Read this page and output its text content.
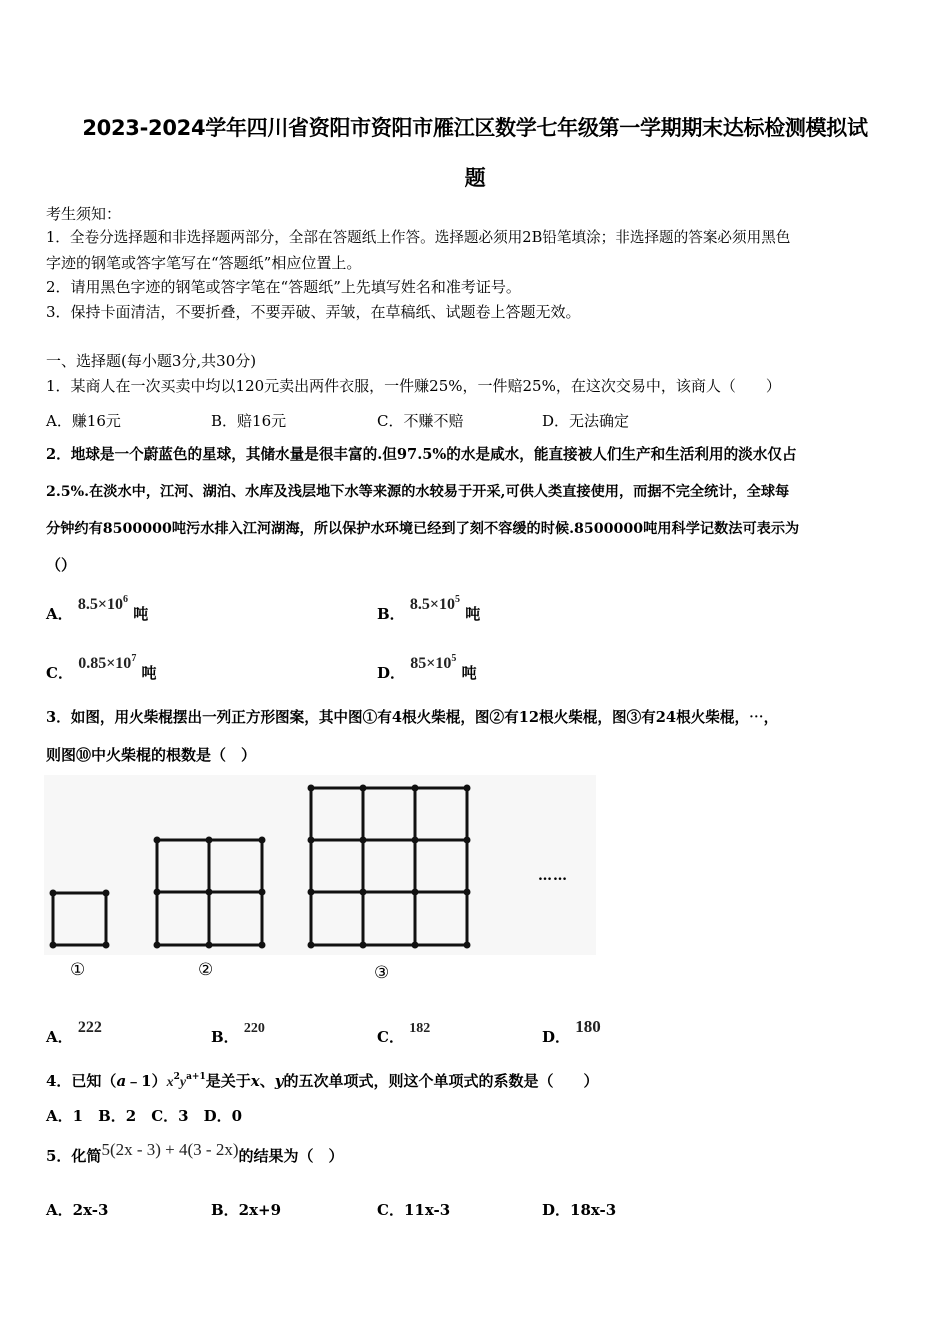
2023-2024学年四川省资阳市资阳市雁江区数学七年级第一学期期末达标检测模拟试
题
考生须知：
1．全卷分选择题和非选择题两部分，全部在答题纸上作答。选择题必须用2B铅笔填涂；非选择题的答案必须用黑色
字迹的钢笔或答字笔写在“答题纸”相应位置上。
2．请用黑色字迹的钢笔或答字笔在“答题纸”上先填写姓名和准考证号。
3．保持卡面清洁，不要折叠，不要弄破、弄皱，在草稿纸、试题卷上答题无效。
一、选择题(每小题3分,共30分)
1．某商人在一次买卖中均以120元卖出两件衣服，一件赚25%，一件赔25%，在这次交易中，该商人（　　）
A．赚16元	B．赔16元	C．不赚不赔	D．无法确定
2．地球是一个蔚蓝色的星球，其储水量是很丰富的.但97.5%的水是咸水，能直接被人们生产和生活利用的淡水仅占
2.5%.在淡水中，江河、湖泊、水库及浅层地下水等来源的水较易于开采,可供人类直接使用，而据不完全统计，全球每
分钟约有8500000吨污水排入江河湖海，所以保护水环境已经到了刻不容缓的时候.8500000吨用科学记数法可表示为
（）
A． $8.5\times 10^6$ 吨	B． $8.5\times 10^5$ 吨
C． $0.85\times 10^7$ 吨	D． $85\times 10^5$ 吨
3．如图，用火柴棍摆出一列正方形图案，其中图①有4根火柴棍，图②有12根火柴棍，图③有24根火柴棍，⋯，
则图⑩中火柴棍的根数是（　）
……
①	②	③
A． 222
B． 220	C． 182	D． 180
4．已知$(a﹣1)x^2y^{a+1}$是关于x、y的五次单项式，则这个单项式的系数是（　　）
A．1　B．2　C．3　D．0
5．化简5(2x - 3) + 4(3 - 2x)的结果为（　）
A．2x-3	B．2x+9	C．11x-3	D．18x-3
